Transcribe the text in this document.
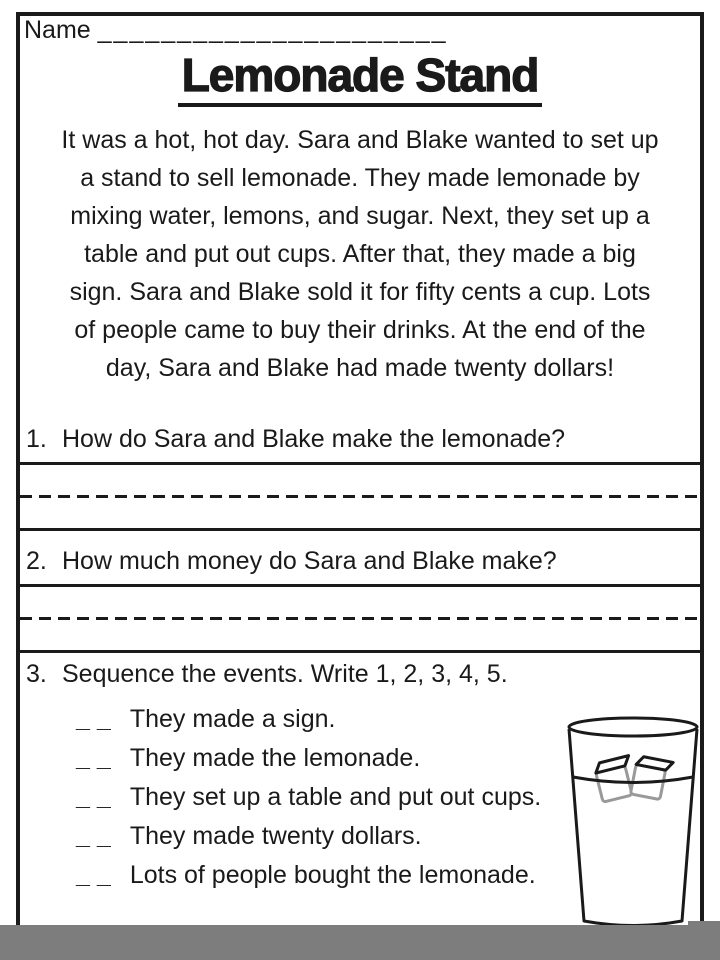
Name ______________________
Lemonade Stand
It was a hot, hot day. Sara and Blake wanted to set up
a stand to sell lemonade. They made lemonade by
mixing water, lemons, and sugar. Next, they set up a
table and put out cups. After that, they made a big
sign. Sara and Blake sold it for fifty cents a cup. Lots
of people came to buy their drinks. At the end of the
day, Sara and Blake had made twenty dollars!
1. How do Sara and Blake make the lemonade?
2. How much money do Sara and Blake make?
3. Sequence the events. Write 1, 2, 3, 4, 5.
__ They made a sign.
__ They made the lemonade.
__ They set up a table and put out cups.
__ They made twenty dollars.
__ Lots of people bought the lemonade.
